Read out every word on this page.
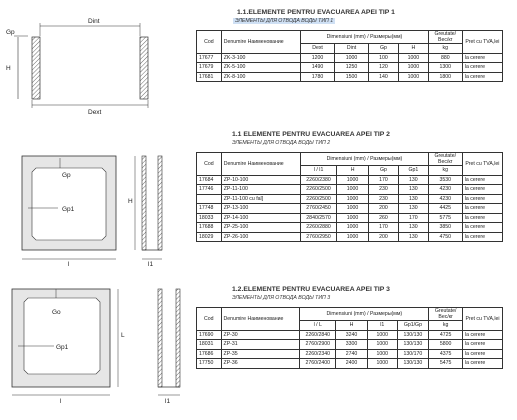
Dint
Gp
H
Dext
Gp
Gp1
l
H
l1
Go
Gp1
L
l	l1
1.1.ELEMENTE PENTRU EVACUAREA APEI TIP 1
ЭЛЕМЕНТЫ ДЛЯ ОТВОДА ВОДЫ ТИП 1
Cod	Denumire Наименование	Dimensiuni (mm) / Размеры(мм)				Greutate/ Вес/кг	Pret cu TVA,lei
		Dext	Dint	Gp	H	kg	
17677	ZK-3-100	1200	1000	100	1000	880	la cerere
17679	ZK-5-100	1490	1250	120	1000	1300	la cerere
17681	ZK-8-100	1780	1500	140	1000	1800	la cerere
1.1 ELEMENTE PENTRU EVACUAREA APEI TIP 2
ЭЛЕМЕНТЫ ДЛЯ ОТВОДА ВОДЫ ТИП 2
Cod	Denumire Наименование	Dimensiuni (mm) / Размеры(мм)				Greutate/ Вес/кг	Pret cu TVA,lei
		l / l1	H	Gp	Gp1	kg	
17684	ZP-10-100	2260/2380	1000	170	130	3530	la cerere
17746	ZP-11-100	2260/2500	1000	230	130	4230	la cerere
	ZP-11-100 cu fal]	2260/2500	1000	230	130	4230	la cerere
17748	ZP-13-100	2760/2450	1000	200	130	4425	la cerere
18033	ZP-14-100	2840/2570	1000	260	170	5775	la cerere
17688	ZP-25-100	2260/2880	1000	170	130	3850	la cerere
18029	ZP-26-100	2760/2950	1000	200	130	4750	la cerere
1.2.ELEMENTE PENTRU EVACUAREA APEI TIP 3
ЭЛЕМЕНТЫ ДЛЯ ОТВОДА ВОДЫ ТИП 3
Cod	Denumire Наименование	Dimensiuni (mm) / Размеры(мм)				Greutate/ Вес/кг	Pret cu TVA,lei
		l / L	H	l1	Gp1/Gp	kg	
17690	ZP-30	2260/2840	3240	1000	130/130	4725	la cerere
18031	ZP-31	2760/2900	3300	1000	130/130	5800	la cerere
17686	ZP-35	2260/2340	2740	1000	130/170	4375	la cerere
17750	ZP-36	2760/2400	2400	1000	130/130	5475	la cerere
